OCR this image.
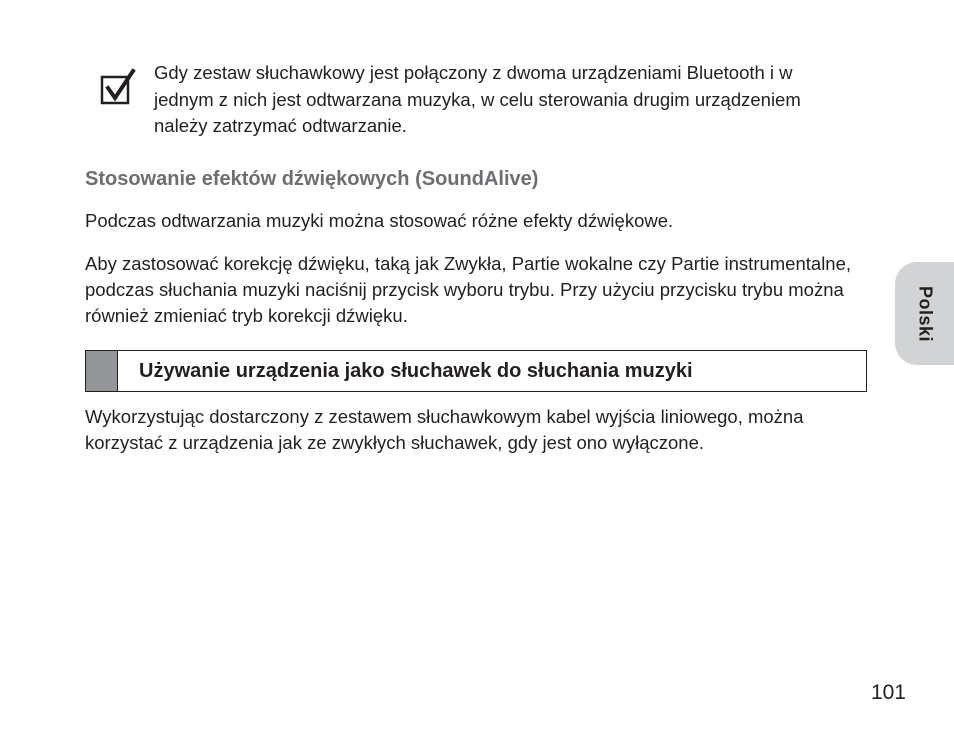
Gdy zestaw słuchawkowy jest połączony z dwoma urządzeniami Bluetooth i w jednym z nich jest odtwarzana muzyka, w celu sterowania drugim urządzeniem należy zatrzymać odtwarzanie.
Stosowanie efektów dźwiękowych (SoundAlive)
Podczas odtwarzania muzyki można stosować różne efekty dźwiękowe.
Aby zastosować korekcję dźwięku, taką jak Zwykła, Partie wokalne czy Partie instrumentalne, podczas słuchania muzyki naciśnij przycisk wyboru trybu. Przy użyciu przycisku trybu można również zmieniać tryb korekcji dźwięku.
Używanie urządzenia jako słuchawek do słuchania muzyki
Wykorzystując dostarczony z zestawem słuchawkowym kabel wyjścia liniowego, można korzystać z urządzenia jak ze zwykłych słuchawek, gdy jest ono wyłączone.
Polski
101
